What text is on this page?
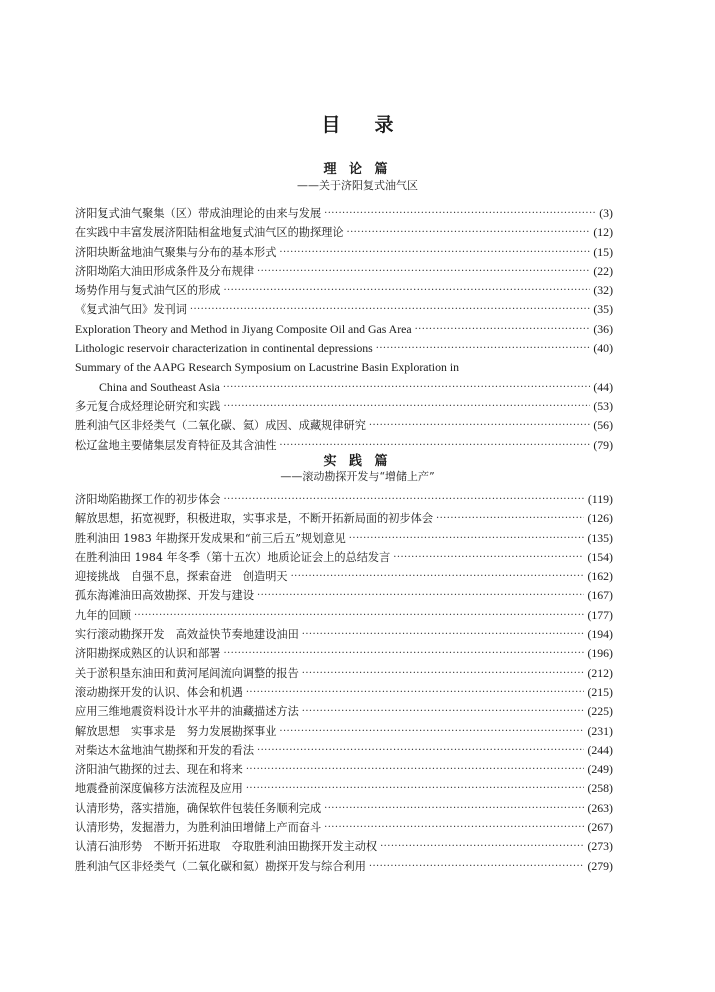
目录
理 论 篇
——关于济阳复式油气区
济阳复式油气聚集（区）带成油理论的由来与发展 ·····	(3)
在实践中丰富发展济阳陆相盆地复式油气区的勘探理论 ·····	(12)
济阳块断盆地油气聚集与分布的基本形式 ·····	(15)
济阳坳陷大油田形成条件及分布规律 ·····	(22)
场势作用与复式油气区的形成 ·····	(32)
《复式油气田》发刊词 ·····	(35)
Exploration Theory and Method in Jiyang Composite Oil and Gas Area ·····	(36)
Lithologic reservoir characterization in continental depressions ·····	(40)
Summary of the AAPG Research Symposium on Lacustrine Basin Exploration in
China and Southeast Asia ·····	(44)
多元复合成烃理论研究和实践 ·····	(53)
胜利油气区非烃类气（二氧化碳、氦）成因、成藏规律研究 ·····	(56)
松辽盆地主要储集层发育特征及其含油性 ·····	(79)
实 践 篇
——滚动勘探开发与“增储上产”
济阳坳陷勘探工作的初步体会 ·····	(119)
解放思想，拓宽视野，积极进取，实事求是，不断开拓新局面的初步体会 ·····	(126)
胜利油田 1983 年勘探开发成果和“前三后五”规划意见 ·····	(135)
在胜利油田 1984 年冬季（第十五次）地质论证会上的总结发言 ·····	(154)
迎接挑战　自强不息，探索奋进　创造明天 ·····	(162)
孤东海滩油田高效勘探、开发与建设 ·····	(167)
九年的回顾 ·····	(177)
实行滚动勘探开发　高效益快节奏地建设油田 ·····	(194)
济阳勘探成熟区的认识和部署 ·····	(196)
关于淤积垦东油田和黄河尾闾流向调整的报告 ·····	(212)
滚动勘探开发的认识、体会和机遇 ·····	(215)
应用三维地震资料设计水平井的油藏描述方法 ·····	(225)
解放思想　实事求是　努力发展勘探事业 ·····	(231)
对柴达木盆地油气勘探和开发的看法 ·····	(244)
济阳油气勘探的过去、现在和将来 ·····	(249)
地震叠前深度偏移方法流程及应用 ·····	(258)
认清形势，落实措施，确保软件包装任务顺利完成 ·····	(263)
认清形势，发掘潜力，为胜利油田增储上产而奋斗 ·····	(267)
认清石油形势　不断开拓进取　夺取胜利油田勘探开发主动权 ·····	(273)
胜利油气区非烃类气（二氧化碳和氦）勘探开发与综合利用 ·····	(279)
